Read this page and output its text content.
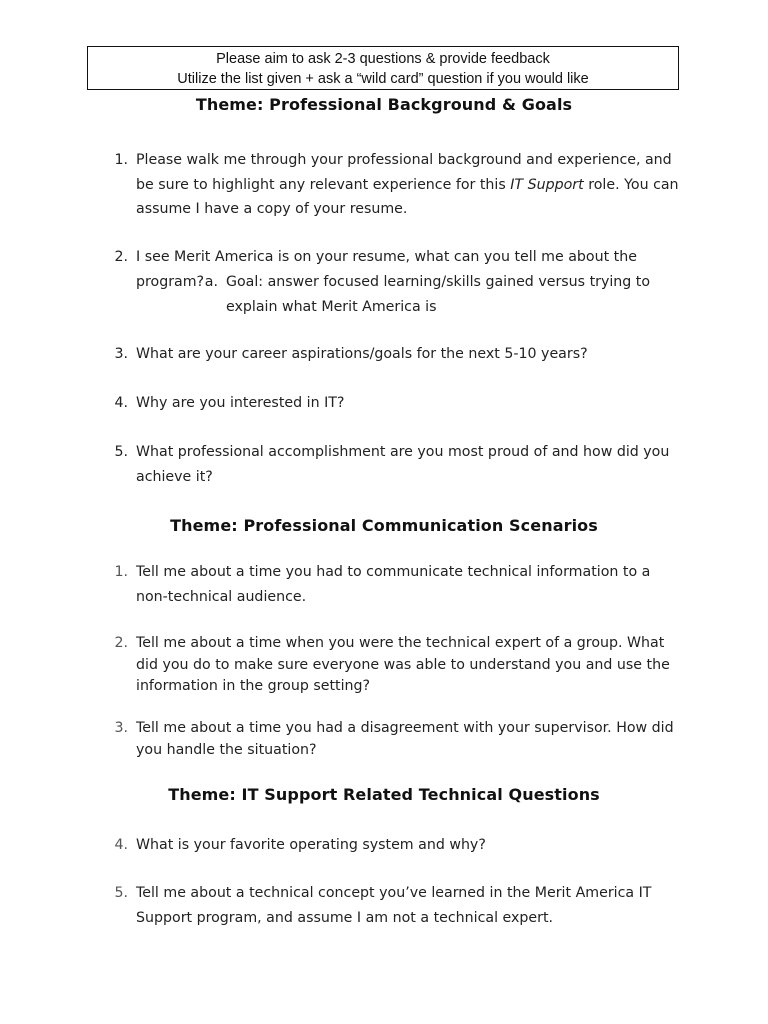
Please aim to ask 2-3 questions & provide feedback
Utilize the list given + ask a “wild card” question if you would like
Theme: Professional Background & Goals
1. Please walk me through your professional background and experience, and be sure to highlight any relevant experience for this IT Support role. You can assume I have a copy of your resume.
2. I see Merit America is on your resume, what can you tell me about the program? a. Goal: answer focused learning/skills gained versus trying to explain what Merit America is
3. What are your career aspirations/goals for the next 5-10 years?
4. Why are you interested in IT?
5. What professional accomplishment are you most proud of and how did you achieve it?
Theme: Professional Communication Scenarios
1. Tell me about a time you had to communicate technical information to a non-technical audience.
2. Tell me about a time when you were the technical expert of a group. What did you do to make sure everyone was able to understand you and use the information in the group setting?
3. Tell me about a time you had a disagreement with your supervisor. How did you handle the situation?
Theme: IT Support Related Technical Questions
4. What is your favorite operating system and why?
5. Tell me about a technical concept you’ve learned in the Merit America IT Support program, and assume I am not a technical expert.
